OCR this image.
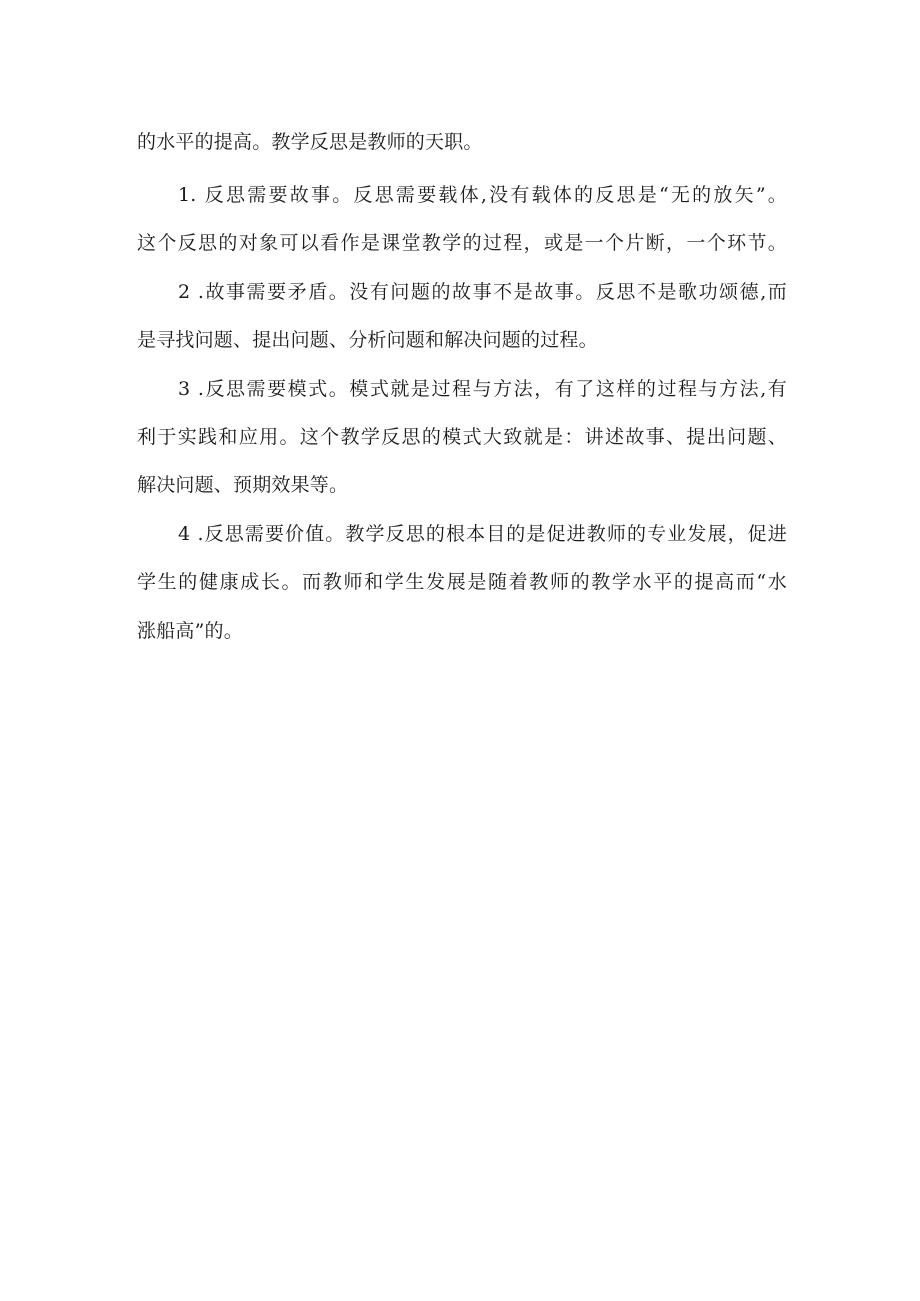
的水平的提高。教学反思是教师的天职。
1. 反思需要故事。反思需要载体,没有载体的反思是“无的放矢”。
这个反思的对象可以看作是课堂教学的过程，或是一个片断，一个环节。
2 .故事需要矛盾。没有问题的故事不是故事。反思不是歌功颂德,而
是寻找问题、提出问题、分析问题和解决问题的过程。
3 .反思需要模式。模式就是过程与方法，有了这样的过程与方法,有
利于实践和应用。这个教学反思的模式大致就是：讲述故事、提出问题、
解决问题、预期效果等。
4 .反思需要价值。教学反思的根本目的是促进教师的专业发展，促进
学生的健康成长。而教师和学生发展是随着教师的教学水平的提高而“水
涨船高”的。
